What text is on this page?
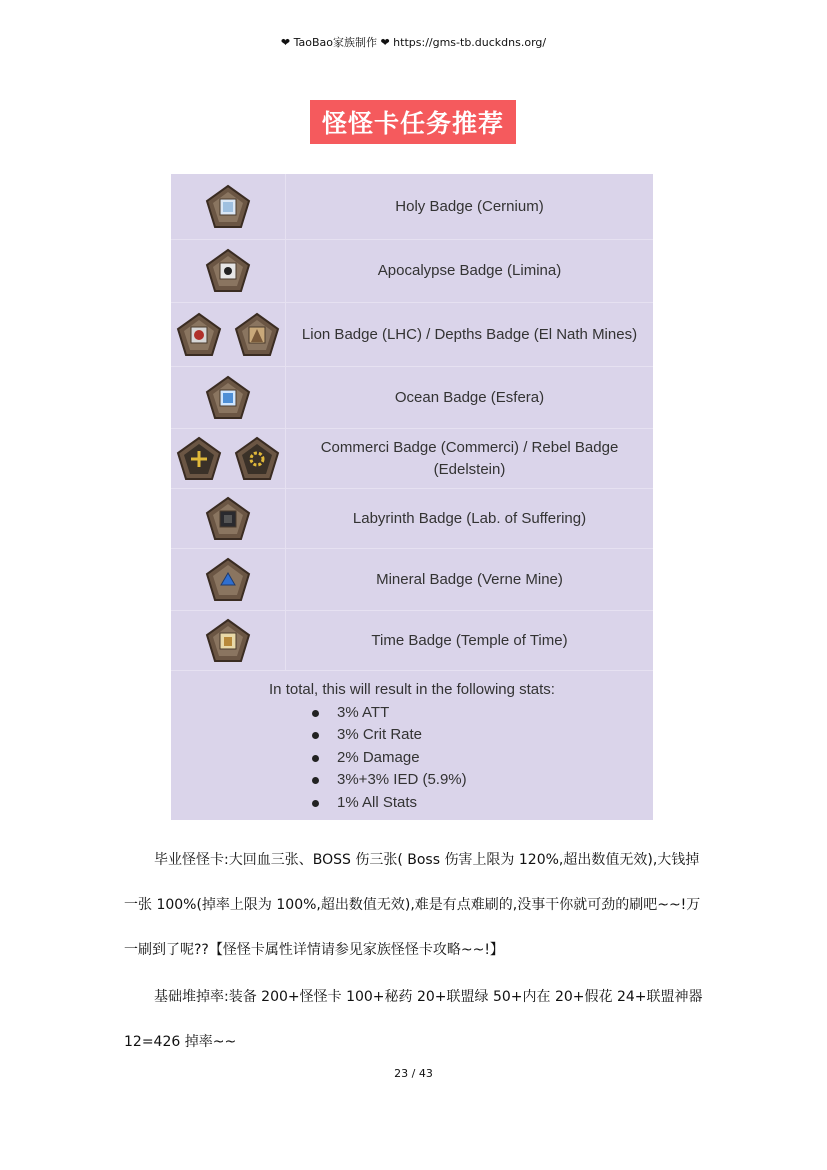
❤ TaoBao家族制作 ❤ https://gms-tb.duckdns.org/
怪怪卡任务推荐
Holy Badge (Cernium)
Apocalypse Badge (Limina)
Lion Badge (LHC) / Depths Badge (El Nath Mines)
Ocean Badge (Esfera)
Commerci Badge (Commerci) / Rebel Badge (Edelstein)
Labyrinth Badge (Lab. of Suffering)
Mineral Badge (Verne Mine)
Time Badge (Temple of Time)
In total, this will result in the following stats:
3% ATT
3% Crit Rate
2% Damage
3%+3% IED (5.9%)
1% All Stats
毕业怪怪卡:大回血三张、BOSS 伤三张( Boss 伤害上限为 120%,超出数值无效),大钱掉一张 100%(掉率上限为 100%,超出数值无效),难是有点难刷的,没事干你就可劲的刷吧~~!万一刷到了呢??【怪怪卡属性详情请参见家族怪怪卡攻略~~!】
基础堆掉率:装备 200+怪怪卡 100+秘药 20+联盟绿 50+内在 20+假花 24+联盟神器 12=426 掉率~~
23 / 43
